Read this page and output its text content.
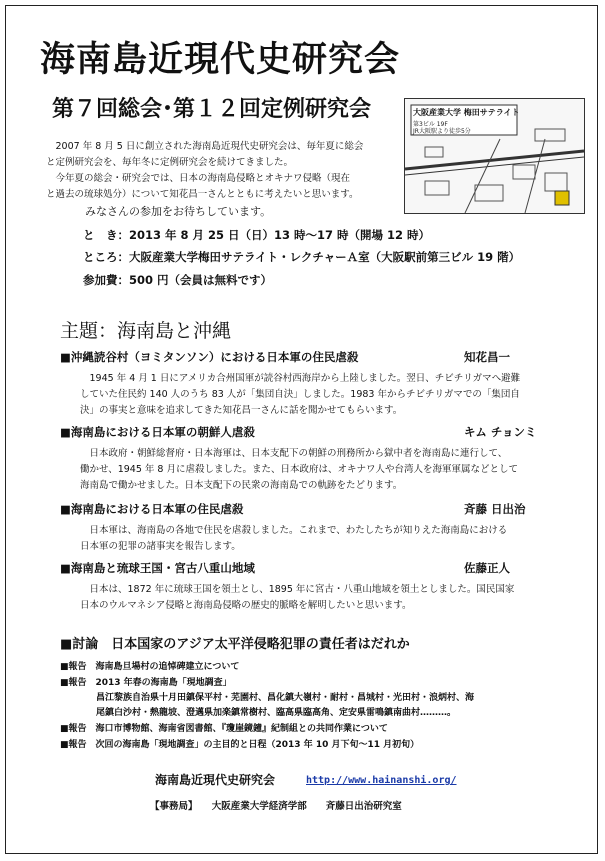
海南島近現代史研究会
第７回総会･第１２回定例研究会	大阪産業大学 梅田サテライト
第3ビル 19F
JR大阪駅より徒歩5分
　2007 年 8 月 5 日に創立された海南島近現代史研究会は、毎年夏に総会
と定例研究会を、毎年冬に定例研究会を続けてきました。
　今年夏の総会・研究会では、日本の海南島侵略とオキナワ侵略（現在
と過去の琉球処分）について知花昌一さんとともに考えたいと思います。
みなさんの参加をお待ちしています。
と　き：2013 年 8 月 25 日（日）13 時～17 時（開場 12 時）
ところ：大阪産業大学梅田サテライト・レクチャーＡ室（大阪駅前第三ビル 19 階）
参加費：500 円（会員は無料です）
主題：海南島と沖縄
■沖縄読谷村（ヨミタンソン）における日本軍の住民虐殺	知花昌一
　1945 年 4 月 1 日にアメリカ合州国軍が読谷村西海岸から上陸しました。翌日、チビチリガマへ避難
していた住民約 140 人のうち 83 人が「集団自決」しました。1983 年からチビチリガマでの「集団自
決」の事実と意味を追求してきた知花昌一さんに話を聞かせてもらいます。
■海南島における日本軍の朝鮮人虐殺	キム チョンミ
　日本政府・朝鮮総督府・日本海軍は、日本支配下の朝鮮の刑務所から獄中者を海南島に連行して、
働かせ、1945 年 8 月に虐殺しました。また、日本政府は、オキナワ人や台湾人を海軍軍属などとして
海南島で働かせました。日本支配下の民衆の海南島での軌跡をたどります。
■海南島における日本軍の住民虐殺	斉藤 日出治
　日本軍は、海南島の各地で住民を虐殺しました。これまで、わたしたちが知りえた海南島における
日本軍の犯罪の諸事実を報告します。
■海南島と琉球王国・宮古八重山地域	佐藤正人
　日本は、1872 年に琉球王国を領土とし、1895 年に宮古・八重山地域を領土としました。国民国家
日本のウルマネシア侵略と海南島侵略の歴史的脈略を解明したいと思います。
■討論　日本国家のアジア太平洋侵略犯罪の責任者はだれか
■報告　海南島旦場村の追悼碑建立について
■報告　2013 年春の海南島「現地調査」
　　　　昌江黎族自治県十月田鎮保平村・芜園村、昌化鎮大嶺村・耐村・昌城村・光田村・浪炳村、海
　　　　尾鎮白沙村・熱龍坡、澄邁県加楽鎮常樹村、臨高県臨高角、定安県雷鳴鎮南曲村………。
■報告　海口市博物館、海南省図書館、『瓊崖鏡鐘』紀制組との共同作業について
■報告　次回の海南島「現地調査」の主目的と日程（2013 年 10 月下旬～11 月初旬）
海南島近現代史研究会	http://www.hainanshi.org/
【事務局】　　大阪産業大学経済学部　　斉藤日出治研究室
